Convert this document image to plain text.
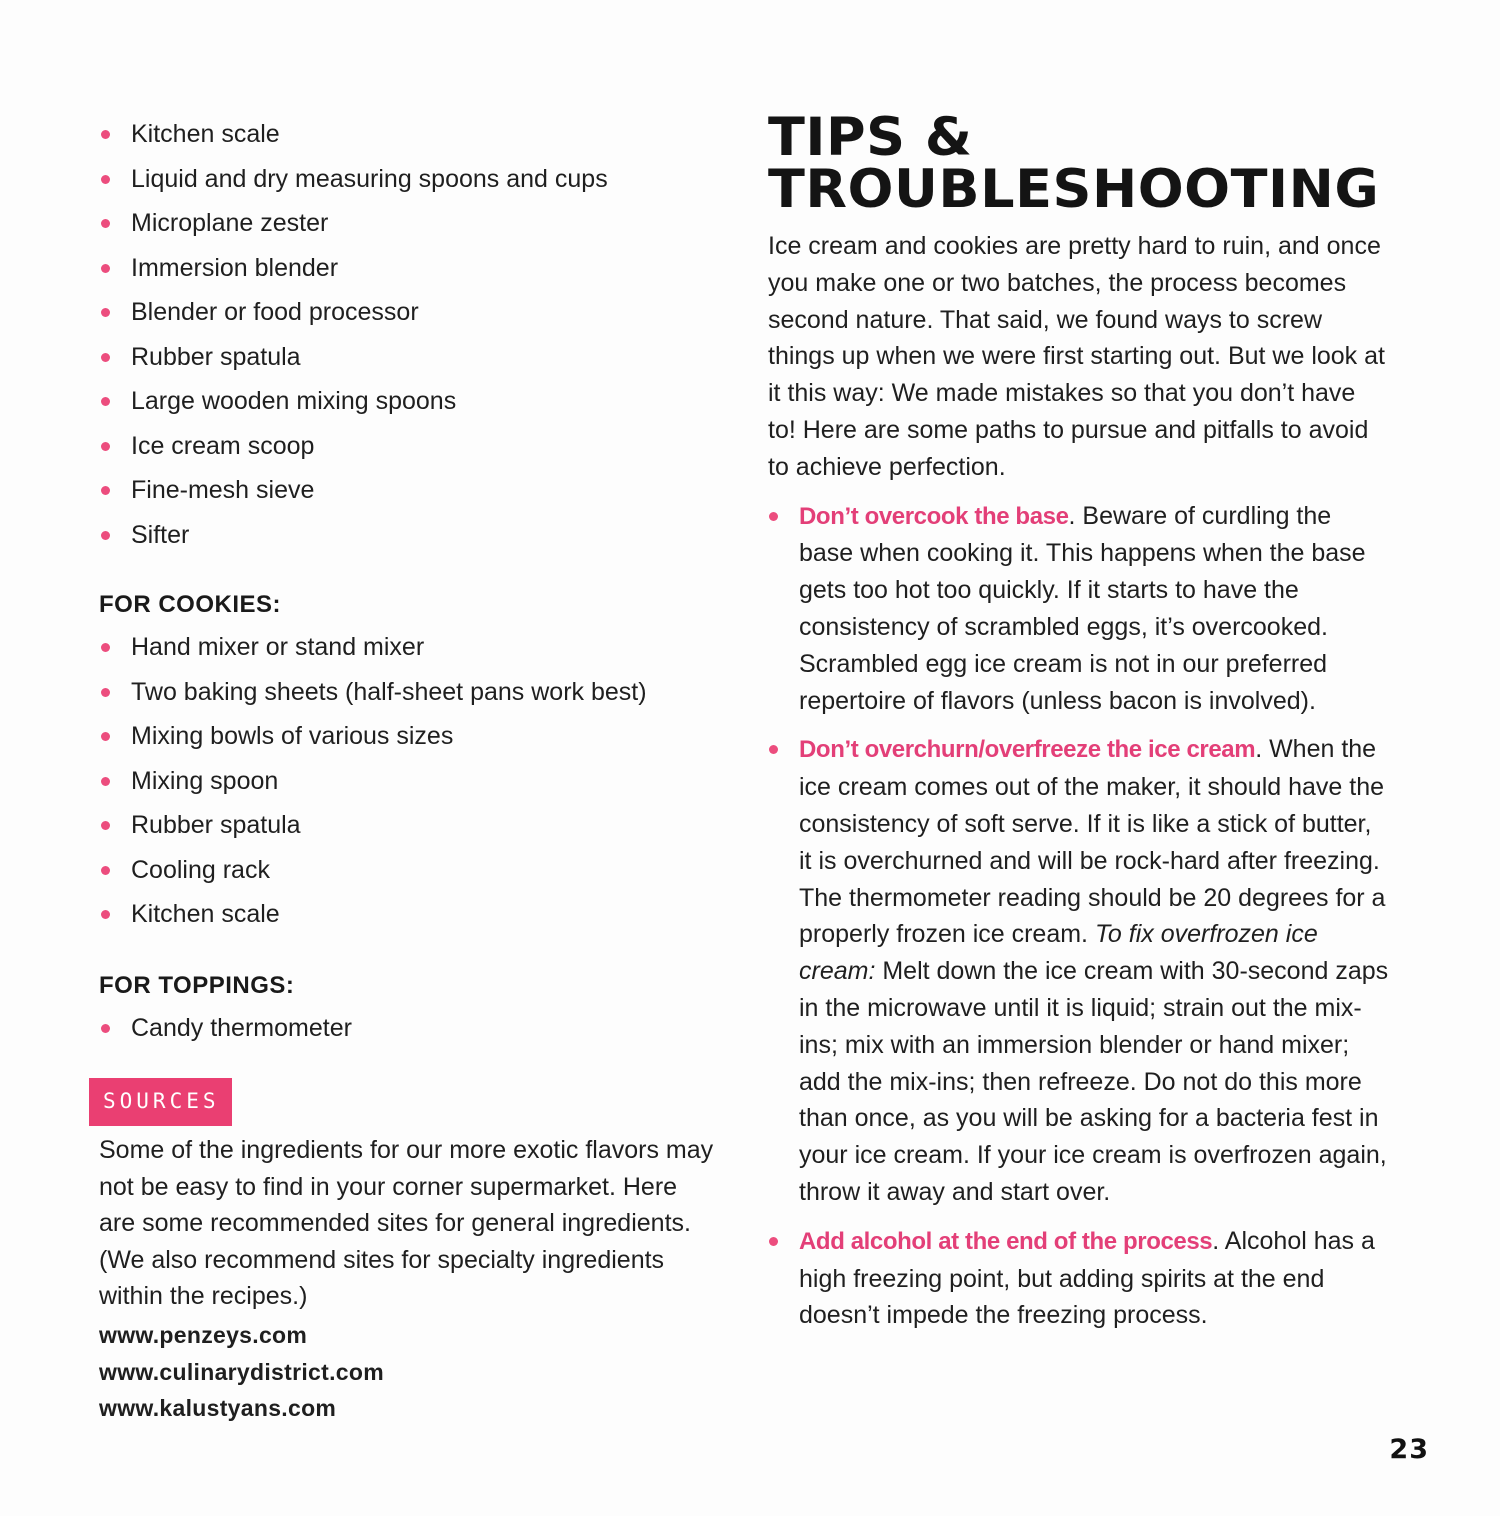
Kitchen scale
Liquid and dry measuring spoons and cups
Microplane zester
Immersion blender
Blender or food processor
Rubber spatula
Large wooden mixing spoons
Ice cream scoop
Fine-mesh sieve
Sifter
FOR COOKIES:
Hand mixer or stand mixer
Two baking sheets (half-sheet pans work best)
Mixing bowls of various sizes
Mixing spoon
Rubber spatula
Cooling rack
Kitchen scale
FOR TOPPINGS:
Candy thermometer
SOURCES

Some of the ingredients for our more exotic flavors may not be easy to find in your corner supermarket. Here are some recommended sites for general ingredients. (We also recommend sites for specialty ingredients within the recipes.)

www.penzeys.com
www.culinarydistrict.com
www.kalustyans.com
TIPS &
TROUBLESHOOTING

Ice cream and cookies are pretty hard to ruin, and once you make one or two batches, the process becomes second nature. That said, we found ways to screw things up when we were first starting out. But we look at it this way: We made mistakes so that you don’t have to! Here are some paths to pursue and pitfalls to avoid to achieve perfection.

Don’t overcook the base. Beware of curdling the base when cooking it. This happens when the base gets too hot too quickly. If it starts to have the consistency of scrambled eggs, it’s overcooked. Scrambled egg ice cream is not in our preferred repertoire of flavors (unless bacon is involved).
Don’t overchurn/overfreeze the ice cream. When the ice cream comes out of the maker, it should have the consistency of soft serve. If it is like a stick of butter, it is overchurned and will be rock-hard after freezing. The thermometer reading should be 20 degrees for a properly frozen ice cream. To fix overfrozen ice cream: Melt down the ice cream with 30-second zaps in the microwave until it is liquid; strain out the mix-ins; mix with an immersion blender or hand mixer; add the mix-ins; then refreeze. Do not do this more than once, as you will be asking for a bacteria fest in your ice cream. If your ice cream is overfrozen again, throw it away and start over.
Add alcohol at the end of the process. Alcohol has a high freezing point, but adding spirits at the end doesn’t impede the freezing process.
23
